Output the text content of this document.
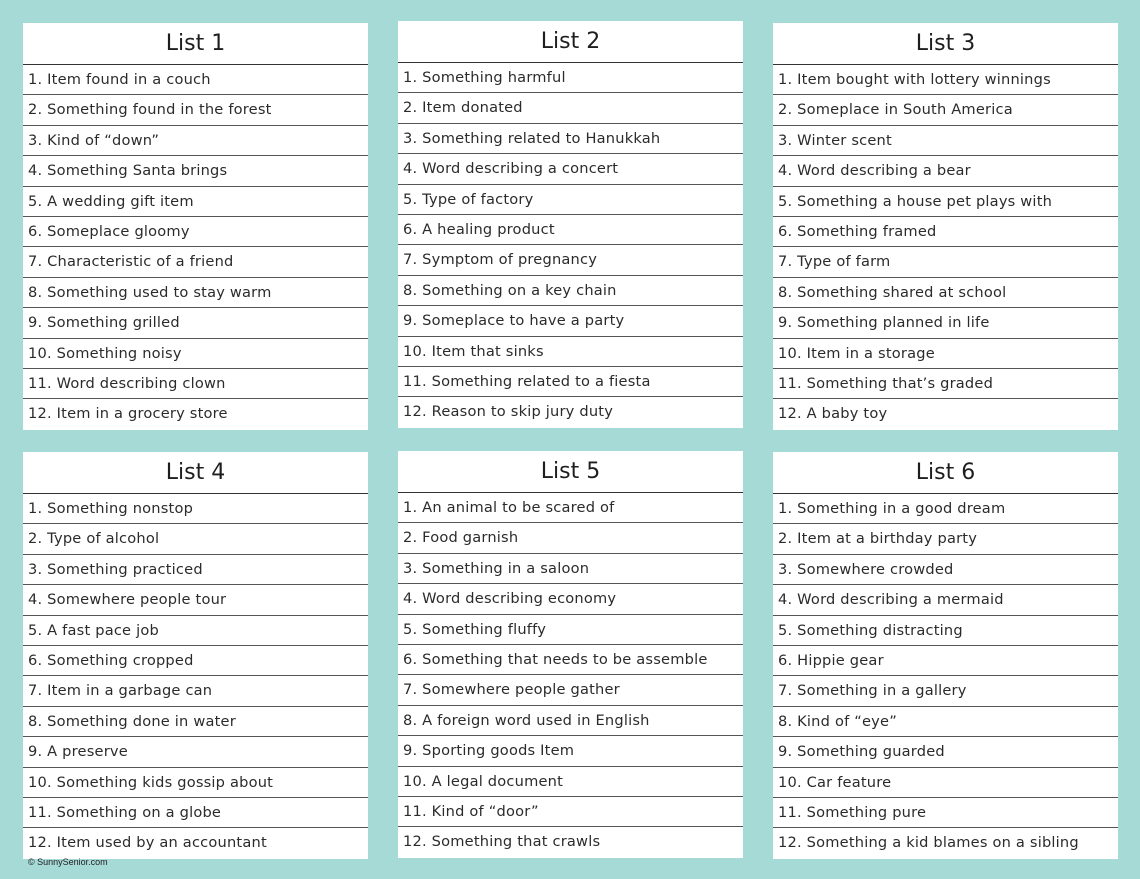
List 1
1. Item found in a couch
2. Something found in the forest
3. Kind of “down”
4. Something Santa brings
5. A wedding gift item
6. Someplace gloomy
7. Characteristic of a friend
8. Something used to stay warm
9. Something grilled
10. Something noisy
11. Word describing clown
12. Item in a grocery store
List 2
1. Something harmful
2. Item donated
3. Something related to Hanukkah
4. Word describing a concert
5. Type of factory
6. A healing product
7. Symptom of pregnancy
8. Something on a key chain
9. Someplace to have a party
10. Item that sinks
11. Something related to a fiesta
12. Reason to skip jury duty
List 3
1. Item bought with lottery winnings
2. Someplace in South America
3. Winter scent
4. Word describing a bear
5. Something a house pet plays with
6. Something framed
7. Type of farm
8. Something shared at school
9. Something planned in life
10. Item in a storage
11. Something that’s graded
12. A baby toy
List 4
1. Something nonstop
2. Type of alcohol
3. Something practiced
4. Somewhere people tour
5. A fast pace job
6. Something cropped
7. Item in a garbage can
8. Something done in water
9. A preserve
10. Something kids gossip about
11. Something on a globe
12. Item used by an accountant
List 5
1. An animal to be scared of
2. Food garnish
3. Something in a saloon
4. Word describing economy
5. Something fluffy
6. Something that needs to be assemble
7. Somewhere people gather
8. A foreign word used in English
9. Sporting goods Item
10. A legal document
11. Kind of “door”
12. Something that crawls
List 6
1. Something in a good dream
2. Item at a birthday party
3. Somewhere crowded
4. Word describing a mermaid
5. Something distracting
6. Hippie gear
7. Something in a gallery
8. Kind of “eye”
9. Something guarded
10. Car feature
11. Something pure
12. Something a kid blames on a sibling
© SunnySenior.com
